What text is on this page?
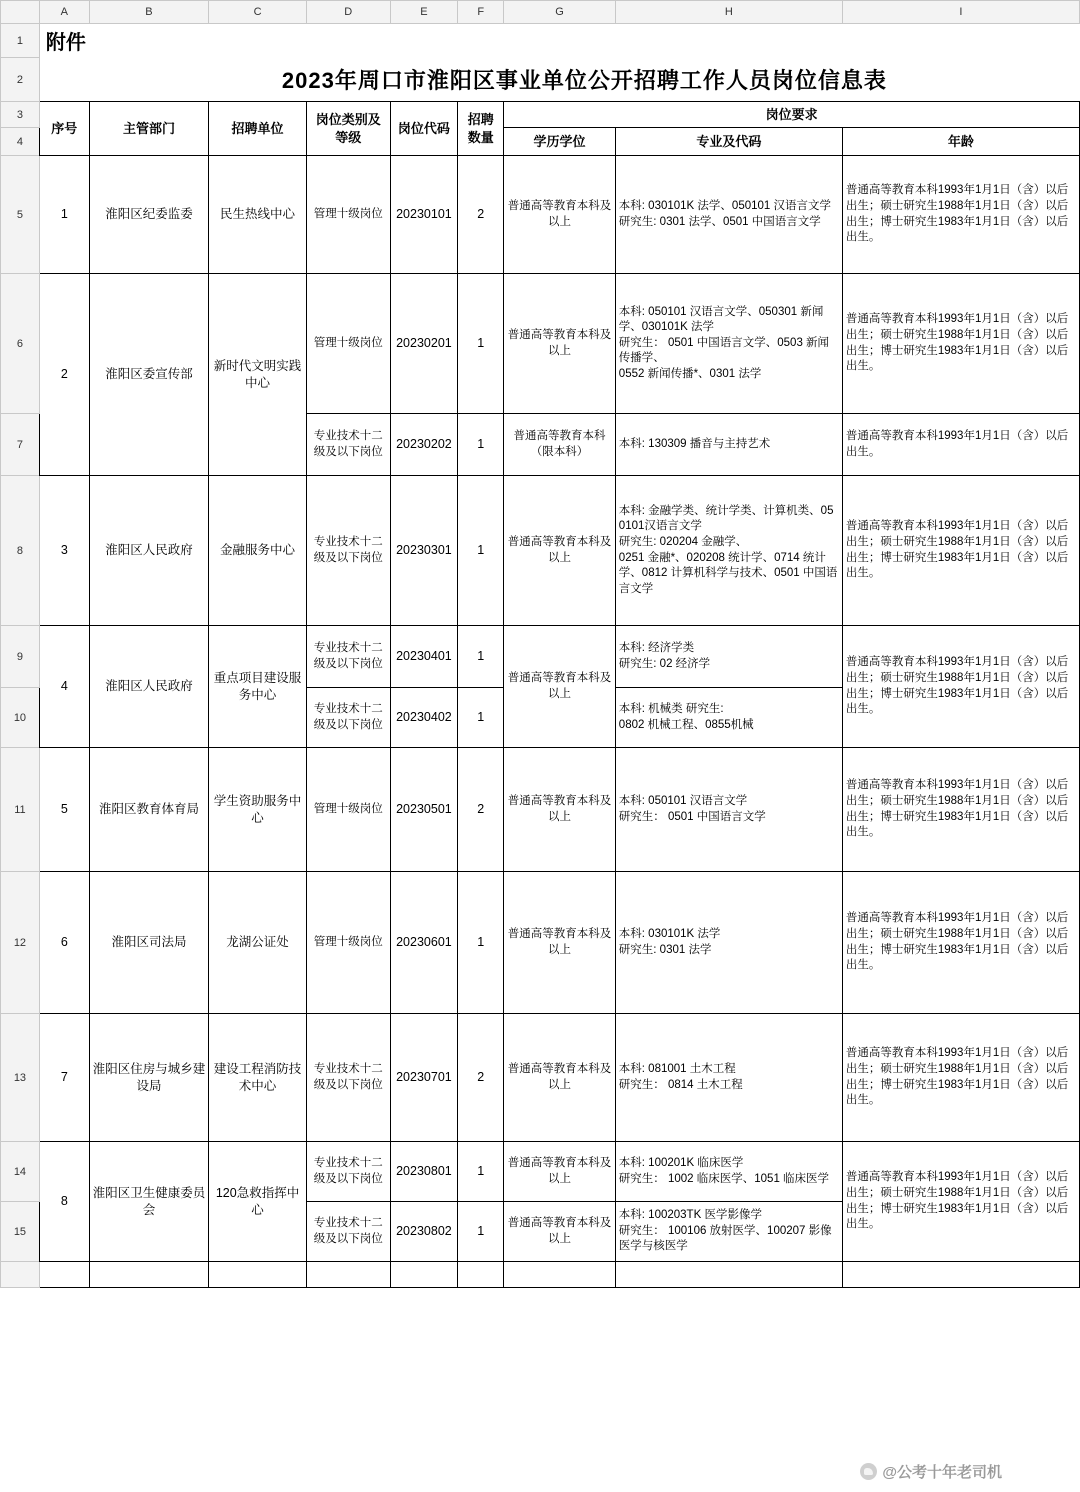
	A	B	C	D	E	F	G	H	I
1	附件								
2		2023年周口市淮阳区事业单位公开招聘工作人员岗位信息表							
3	序号	主管部门	招聘单位	岗位类别及等级	岗位代码	招聘数量	岗位要求		
4							学历学位	专业及代码	年龄
5	1	淮阳区纪委监委	民生热线中心	管理十级岗位	20230101	2	普通高等教育本科及以上	本科: 030101K 法学、050101 汉语言文学
研究生: 0301 法学、0501 中国语言文学	普通高等教育本科1993年1月1日（含）以后出生；硕士研究生1988年1月1日（含）以后出生；博士研究生1983年1月1日（含）以后出生。
6	2	淮阳区委宣传部	新时代文明实践中心	管理十级岗位	20230201	1	普通高等教育本科及以上	本科: 050101 汉语言文学、050301 新闻学、030101K 法学
研究生： 0501 中国语言文学、0503 新闻传播学、
0552 新闻传播*、0301 法学	普通高等教育本科1993年1月1日（含）以后出生；硕士研究生1988年1月1日（含）以后出生；博士研究生1983年1月1日（含）以后出生。
7				专业技术十二级及以下岗位	20230202	1	普通高等教育本科（限本科）	本科: 130309 播音与主持艺术	普通高等教育本科1993年1月1日（含）以后出生。
8	3	淮阳区人民政府	金融服务中心	专业技术十二级及以下岗位	20230301	1	普通高等教育本科及以上	本科: 金融学类、统计学类、计算机类、050101汉语言文学
研究生: 020204 金融学、
0251 金融*、020208 统计学、0714 统计学、0812 计算机科学与技术、0501 中国语言文学	普通高等教育本科1993年1月1日（含）以后出生；硕士研究生1988年1月1日（含）以后出生；博士研究生1983年1月1日（含）以后出生。
9	4	淮阳区人民政府	重点项目建设服务中心	专业技术十二级及以下岗位	20230401	1	普通高等教育本科及以上	本科: 经济学类
研究生: 02 经济学	普通高等教育本科1993年1月1日（含）以后出生；硕士研究生1988年1月1日（含）以后出生；博士研究生1983年1月1日（含）以后出生。
10				专业技术十二级及以下岗位	20230402	1		本科: 机械类 研究生:
0802 机械工程、0855机械	

11	5	淮阳区教育体育局	学生资助服务中心	管理十级岗位	20230501	2	普通高等教育本科及以上	本科: 050101 汉语言文学
研究生： 0501 中国语言文学	普通高等教育本科1993年1月1日（含）以后出生；硕士研究生1988年1月1日（含）以后出生；博士研究生1983年1月1日（含）以后出生。
12	6	淮阳区司法局	龙湖公证处	管理十级岗位	20230601	1	普通高等教育本科及以上	本科: 030101K 法学
研究生: 0301 法学	普通高等教育本科1993年1月1日（含）以后出生；硕士研究生1988年1月1日（含）以后出生；博士研究生1983年1月1日（含）以后出生。
13	7	淮阳区住房与城乡建设局	建设工程消防技术中心	专业技术十二级及以下岗位	20230701	2	普通高等教育本科及以上	本科: 081001 土木工程
研究生： 0814 土木工程	普通高等教育本科1993年1月1日（含）以后出生；硕士研究生1988年1月1日（含）以后出生；博士研究生1983年1月1日（含）以后出生。
14	8	淮阳区卫生健康委员会	120急救指挥中心	专业技术十二级及以下岗位	20230801	1	普通高等教育本科及以上	本科: 100201K 临床医学
研究生： 1002 临床医学、1051 临床医学	普通高等教育本科1993年1月1日（含）以后出生；硕士研究生1988年1月1日（含）以后出生；博士研究生1983年1月1日（含）以后出生。
15				专业技术十二级及以下岗位	20230802	1	普通高等教育本科及以上	本科: 100203TK 医学影像学
研究生： 100106 放射医学、100207 影像医学与核医学	

@公考十年老司机
